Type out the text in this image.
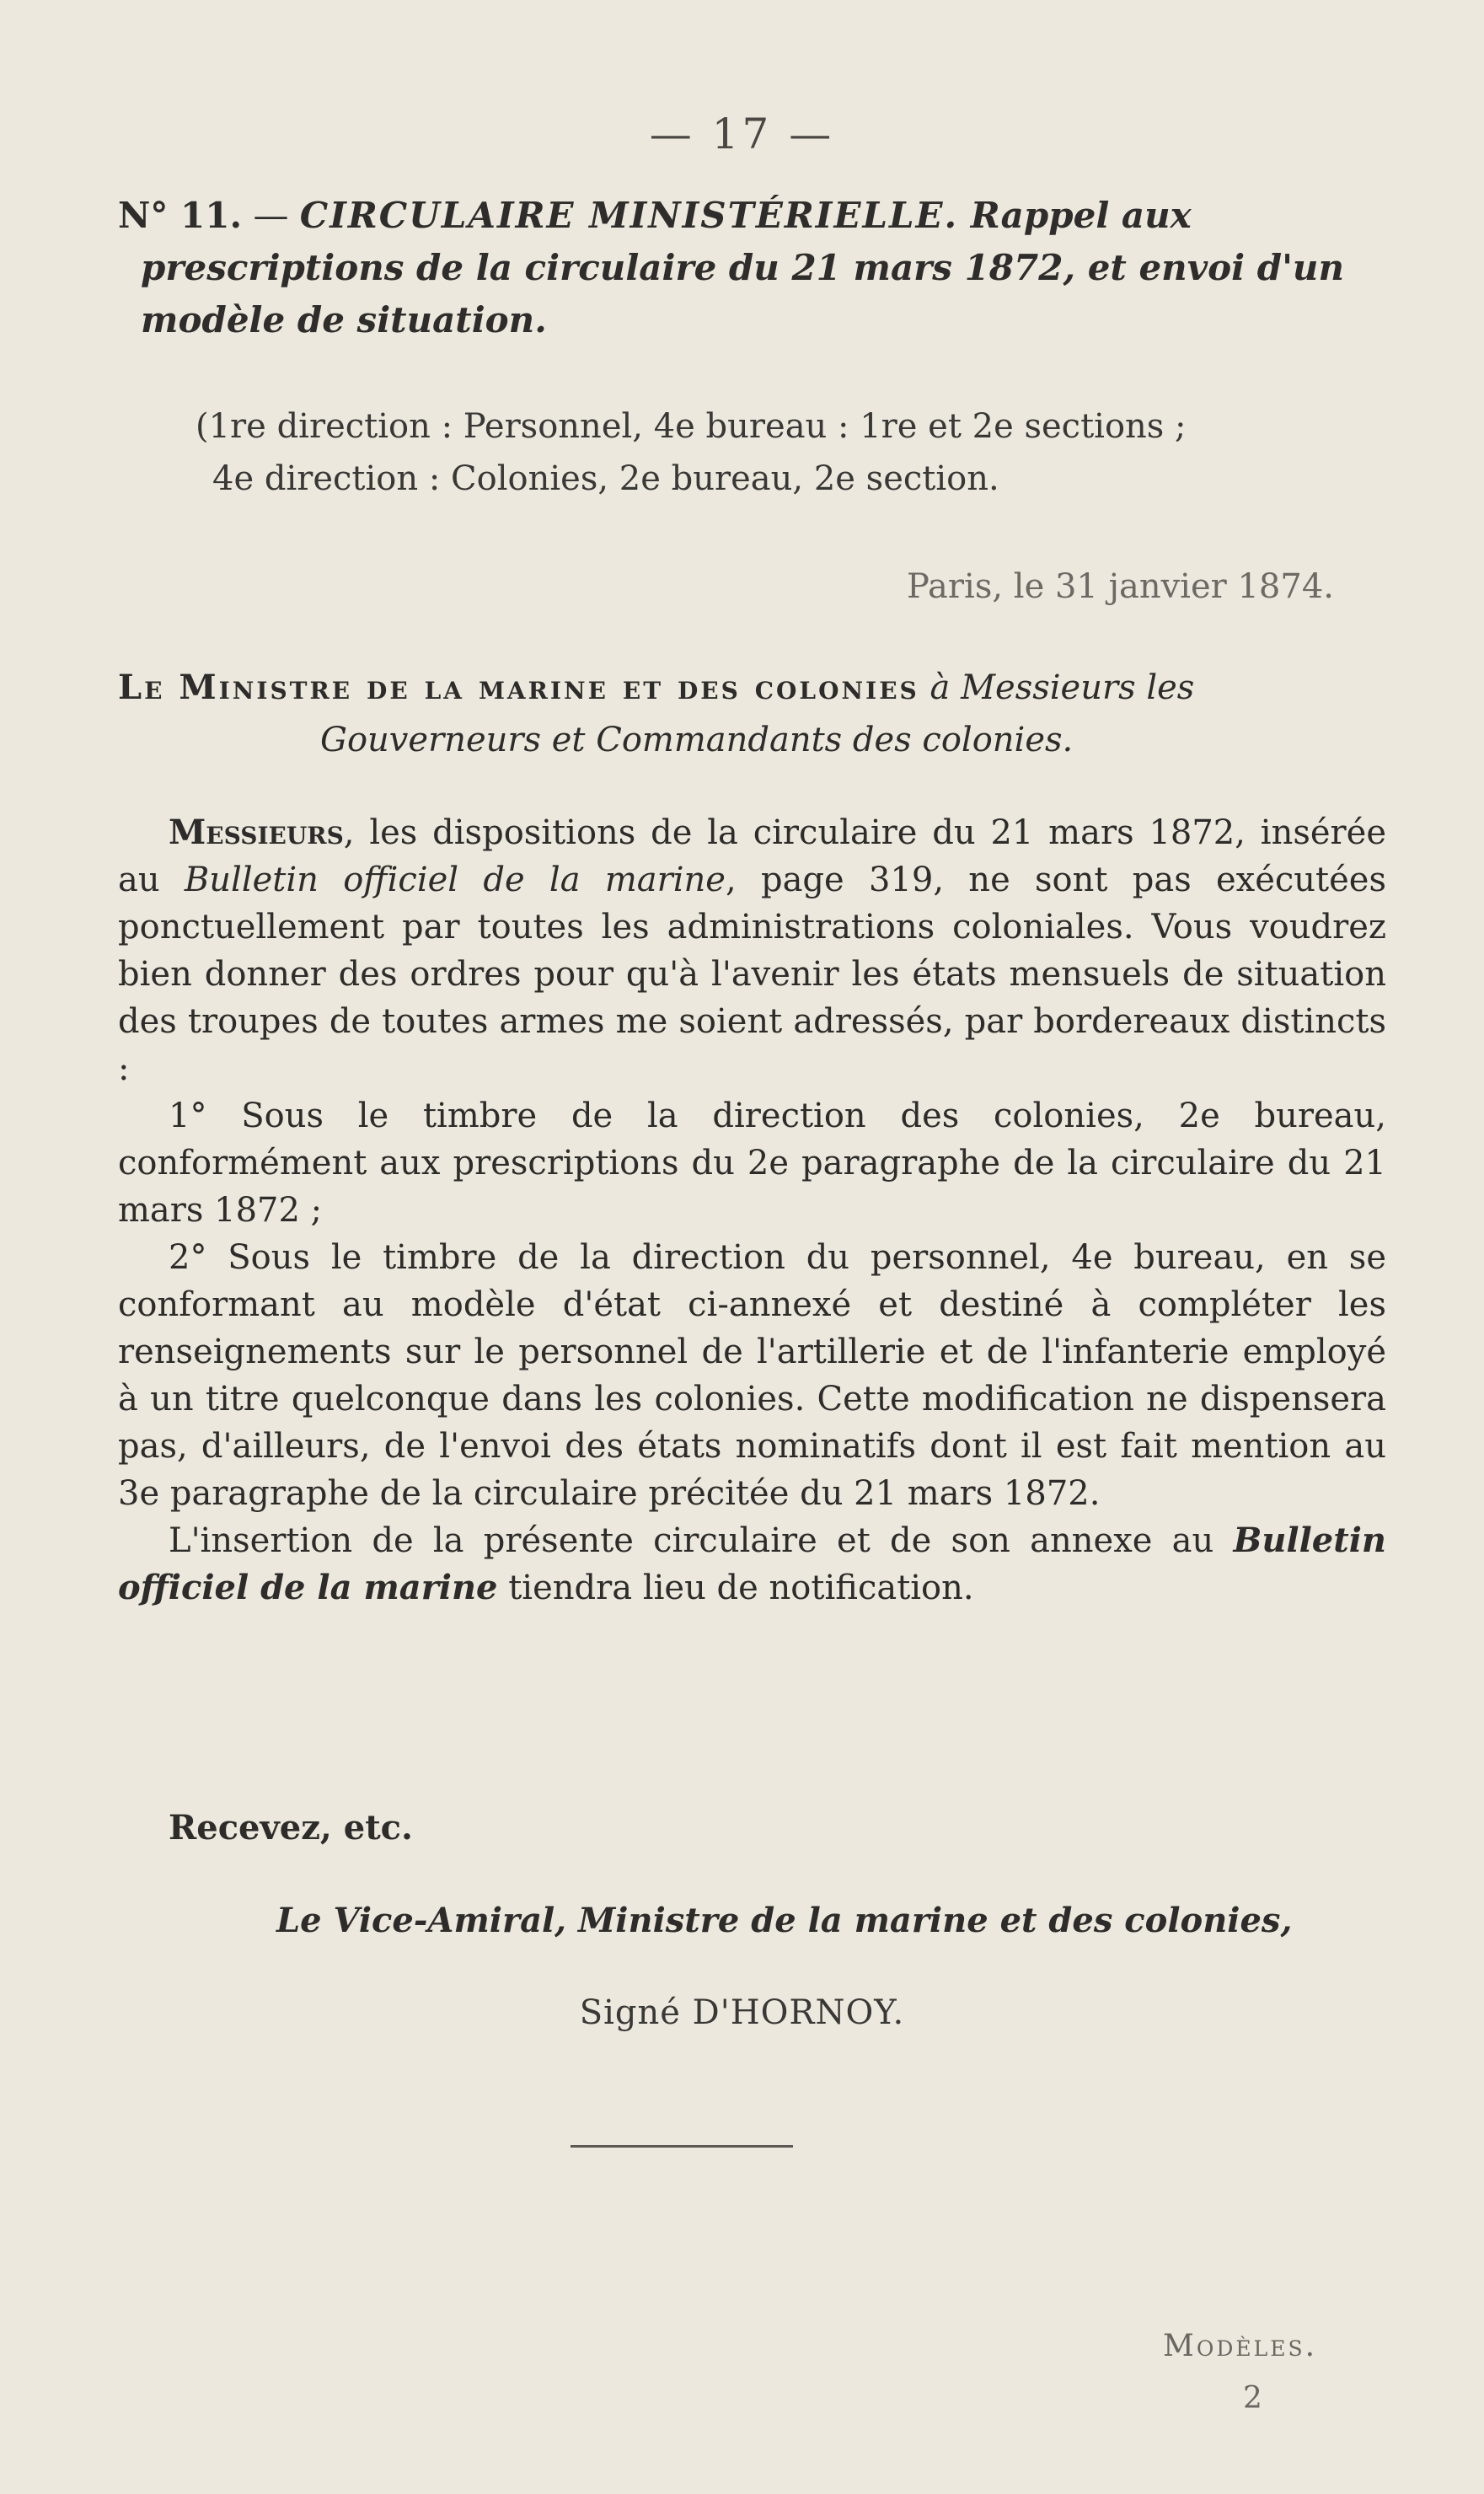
— 17 —
N° 11. — CIRCULAIRE MINISTÉRIELLE. Rappel aux
prescriptions de la circulaire du 21 mars 1872, et envoi d'un
modèle de situation.
(1re direction : Personnel, 4e bureau : 1re et 2e sections ;
4e direction : Colonies, 2e bureau, 2e section.
Paris, le 31 janvier 1874.
Le Ministre de la marine et des colonies à Messieurs les
Gouverneurs et Commandants des colonies.

Messieurs, les dispositions de la circulaire du 21 mars 1872, insérée au Bulletin officiel de la marine, page 319, ne sont pas exécutées ponctuellement par toutes les administrations coloniales. Vous voudrez bien donner des ordres pour qu'à l'avenir les états mensuels de situation des troupes de toutes armes me soient adressés, par bordereaux distincts :

1° Sous le timbre de la direction des colonies, 2e bureau, conformément aux prescriptions du 2e paragraphe de la circulaire du 21 mars 1872 ;

2° Sous le timbre de la direction du personnel, 4e bureau, en se conformant au modèle d'état ci-annexé et destiné à compléter les renseignements sur le personnel de l'artillerie et de l'infanterie employé à un titre quelconque dans les colonies. Cette modification ne dispensera pas, d'ailleurs, de l'envoi des états nominatifs dont il est fait mention au 3e paragraphe de la circulaire précitée du 21 mars 1872.

L'insertion de la présente circulaire et de son annexe au Bulletin officiel de la marine tiendra lieu de notification.

Recevez, etc.
Le Vice-Amiral, Ministre de la marine et des colonies,
Signé D'HORNOY.
Modèles.
2
